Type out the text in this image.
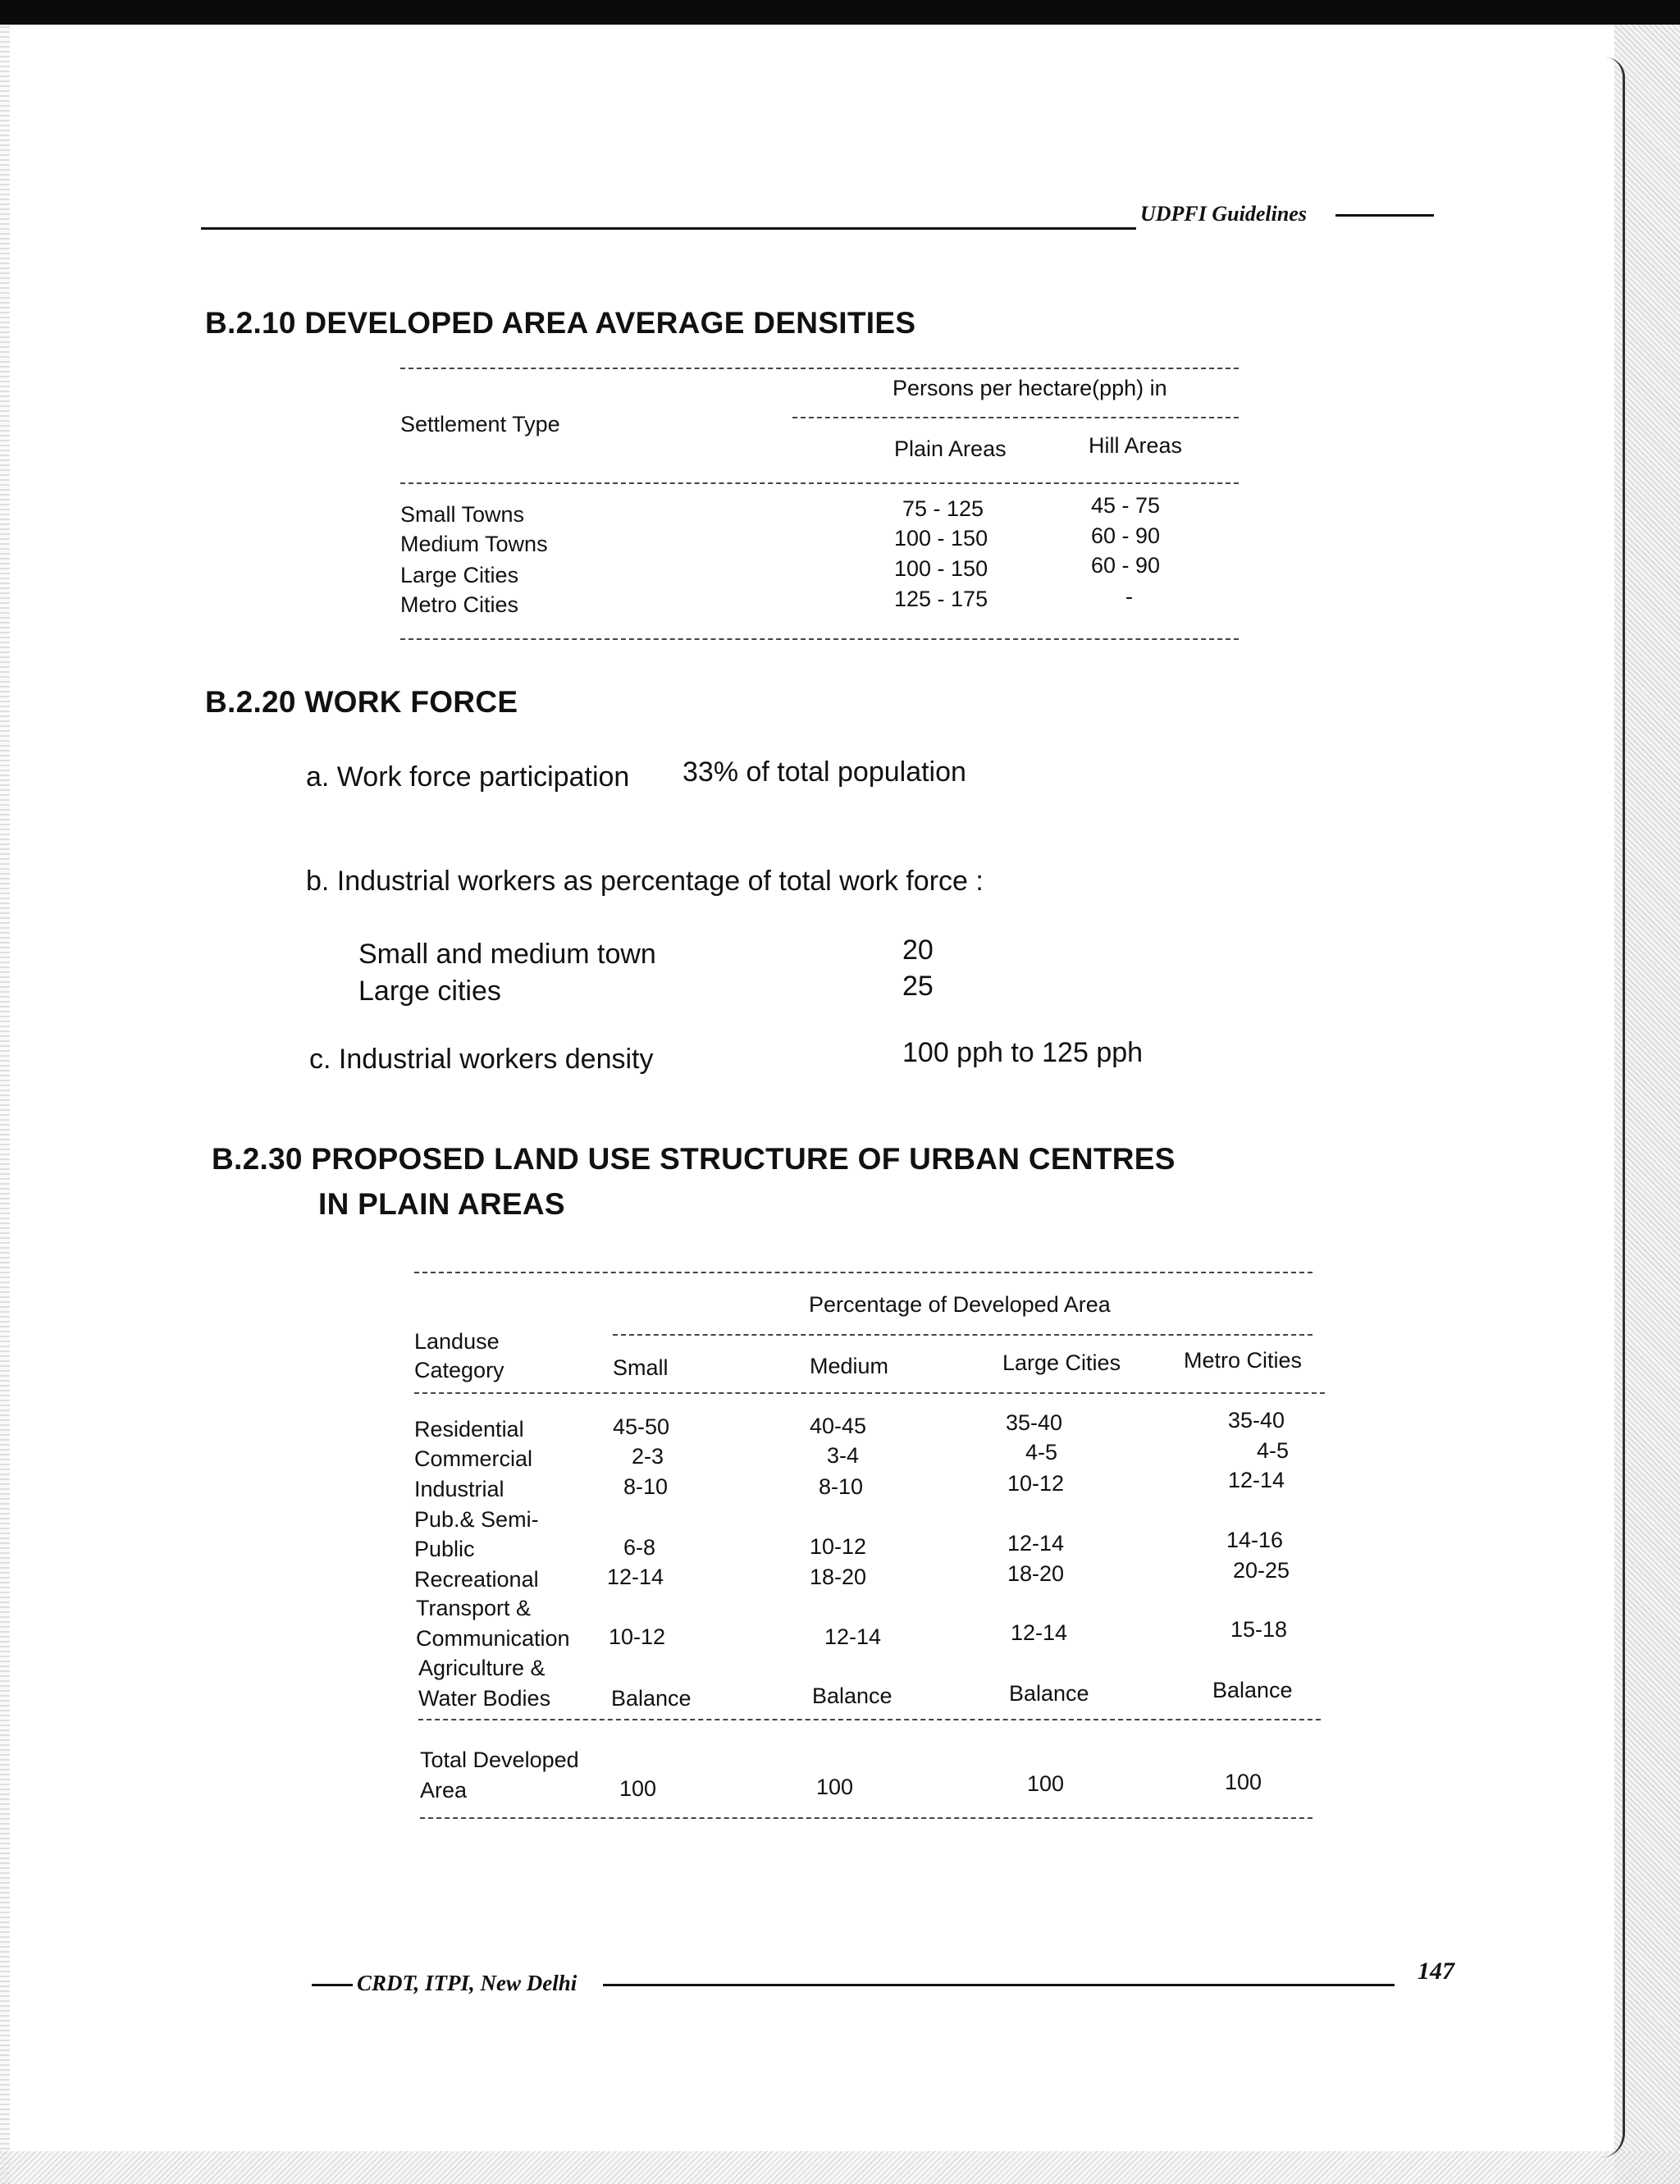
UDPFI Guidelines
B.2.10 DEVELOPED AREA AVERAGE DENSITIES
Persons per hectare(pph) in
Settlement Type
Plain Areas	Hill Areas
Small Towns	75 - 125	45 - 75
Medium Towns	100 - 150	60 - 90
Large Cities	100 - 150	60 - 90
Metro Cities	125 - 175	-
B.2.20 WORK FORCE
a. Work force participation 33% of total population
b. Industrial workers as percentage of total work force :
Small and medium town	20
Large cities	25
c. Industrial workers density	100 pph to 125 pph
B.2.30 PROPOSED LAND USE STRUCTURE OF URBAN CENTRES
IN PLAIN AREAS
Percentage of Developed Area
Landuse
Category	Small	Medium	Large Cities	Metro Cities
Residential	45-50	40-45	35-40	35-40
Commercial	2-3	3-4	4-5	4-5
Industrial	8-10	8-10	10-12	12-14
Pub.& Semi-
Public	6-8	10-12	12-14	14-16
Recreational	12-14	18-20	18-20	20-25
Transport &
Communication 10-12	12-14	12-14	15-18
Agriculture &
Water Bodies	Balance	Balance	Balance	Balance
Total Developed
Area	100	100	100	100
CRDT, ITPI, New Delhi	147
